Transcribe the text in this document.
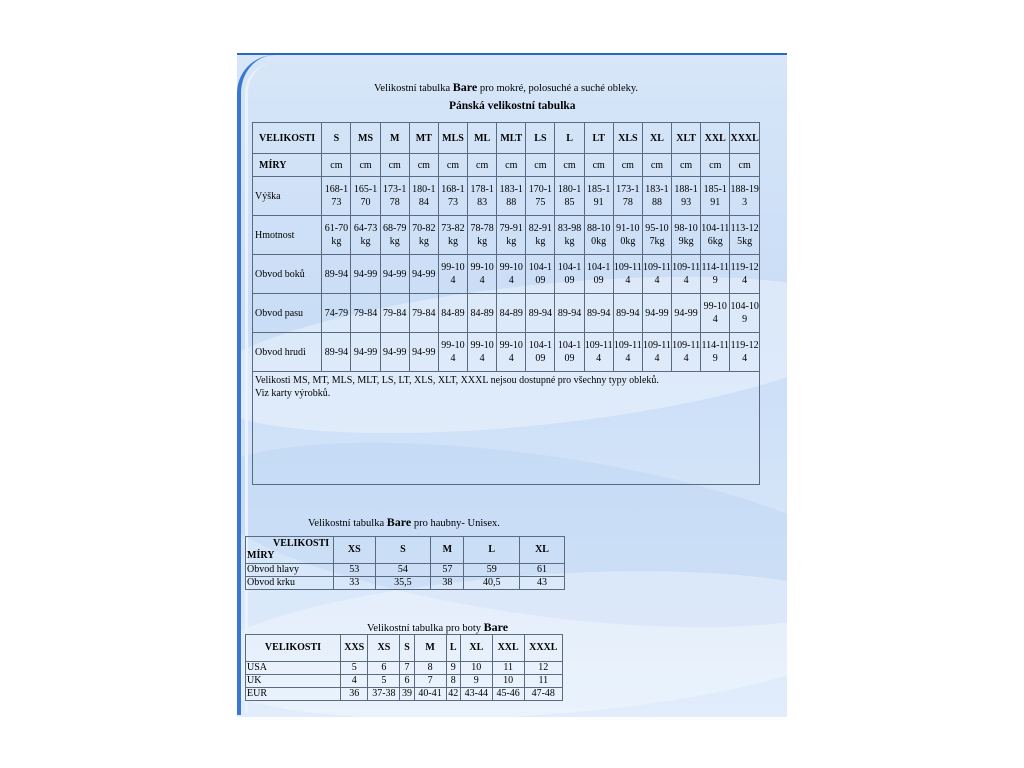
Velikostní tabulka Bare pro mokré, polosuché a suché obleky.
Pánská velikostní tabulka
VELIKOSTI	S	MS	M	MT	MLS	ML	MLT	LS	L	LT	XLS	XL	XLT	XXL	XXXL
MÍRY	cm	cm	cm	cm	cm	cm	cm	cm	cm	cm	cm	cm	cm	cm	cm
Výška	168-173	165-170	173-178	180-184	168-173	178-183	183-188	170-175	180-185	185-191	173-178	183-188	188-193	185-191	188-193
Hmotnost	61-70kg	64-73kg	68-79kg	70-82kg	73-82kg	78-78kg	79-91kg	82-91kg	83-98kg	88-100kg	91-100kg	95-107kg	98-109kg	104-116kg	113-125kg
Obvod boků	89-94	94-99	94-99	94-99	99-104	99-104	99-104	104-109	104-109	104-109	109-114	109-114	109-114	114-119	119-124
Obvod pasu	74-79	79-84	79-84	79-84	84-89	84-89	84-89	89-94	89-94	89-94	89-94	94-99	94-99	99-104	104-109
Obvod hrudi	89-94	94-99	94-99	94-99	99-104	99-104	99-104	104-109	104-109	109-114	109-114	109-114	109-114	114-119	119-124

Velikosti MS, MT, MLS, MLT, LS, LT, XLS, XLT, XXXL nejsou dostupné pro všechny typy obleků.
Viz karty výrobků.															
Velikostní tabulka Bare pro haubny- Unisex.
VELIKOSTI
MÍRY	XS	S	M	L	XL
Obvod hlavy	53	54	57	59	61
Obvod krku	33	35,5	38	40,5	43
Velikostní tabulka pro boty Bare
VELIKOSTI	XXS	XS	S	M	L	XL	XXL	XXXL
USA	5	6	7	8	9	10	11	12
UK	4	5	6	7	8	9	10	11
EUR	36	37-38	39	40-41	42	43-44	45-46	47-48
